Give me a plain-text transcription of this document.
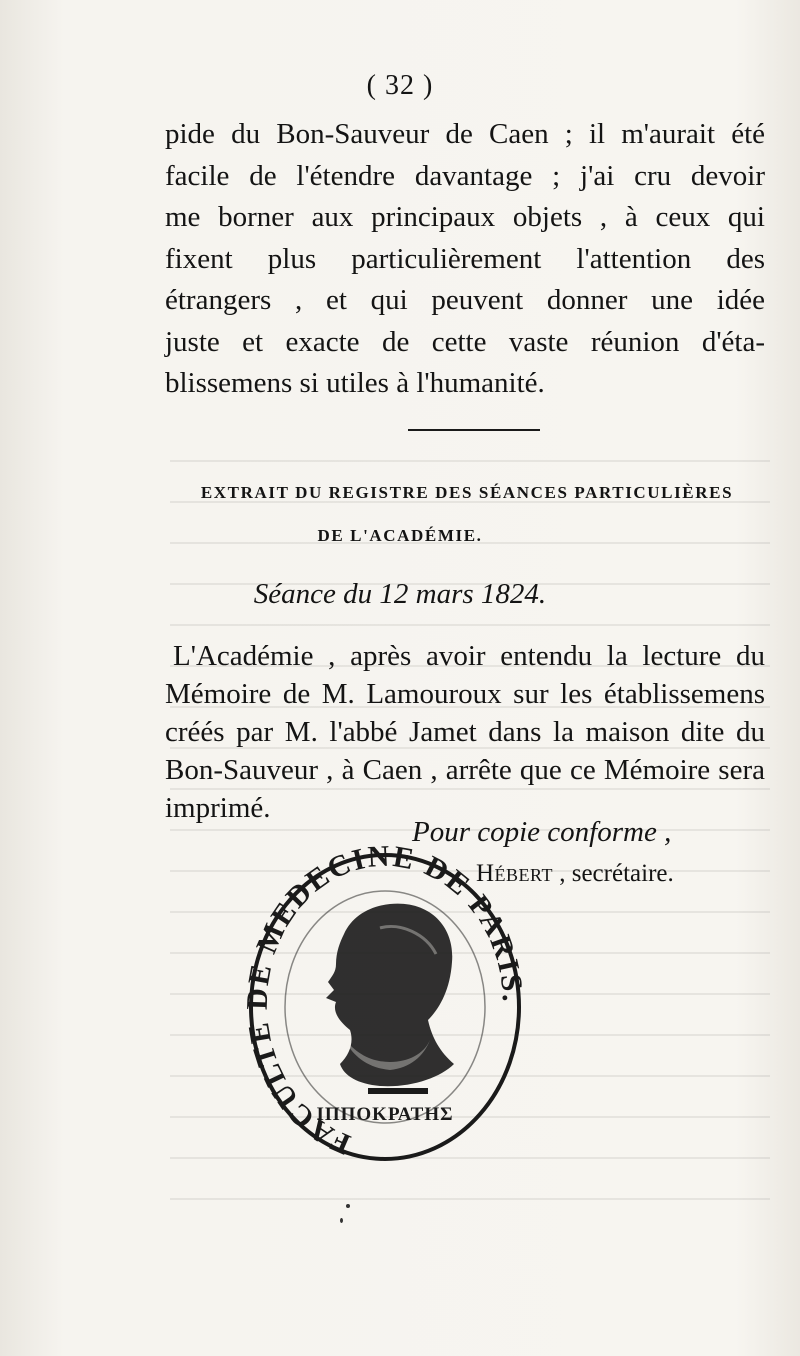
( 32 )
pide du Bon-Sauveur de Caen ; il m'aurait été
facile de l'étendre davantage ; j'ai cru devoir
me borner aux principaux objets , à ceux qui
fixent plus particulièrement l'attention des
étrangers , et qui peuvent donner une idée
juste et exacte de cette vaste réunion d'éta-
blissemens si utiles à l'humanité.
EXTRAIT DU REGISTRE DES SÉANCES PARTICULIÈRES
DE L'ACADÉMIE.
Séance du 12 mars 1824.
L'Académie , après avoir entendu la lecture du
Mémoire de M. Lamouroux sur les établissemens
créés par M. l'abbé Jamet dans la maison dite du
Bon-Sauveur , à Caen , arrête que ce Mémoire sera
imprimé.
Pour copie conforme ,
Hébert , secrétaire.
FACULTE DE MEDECINE DE PARIS.
ΙΠΠΟΚΡΑΤΗΣ
